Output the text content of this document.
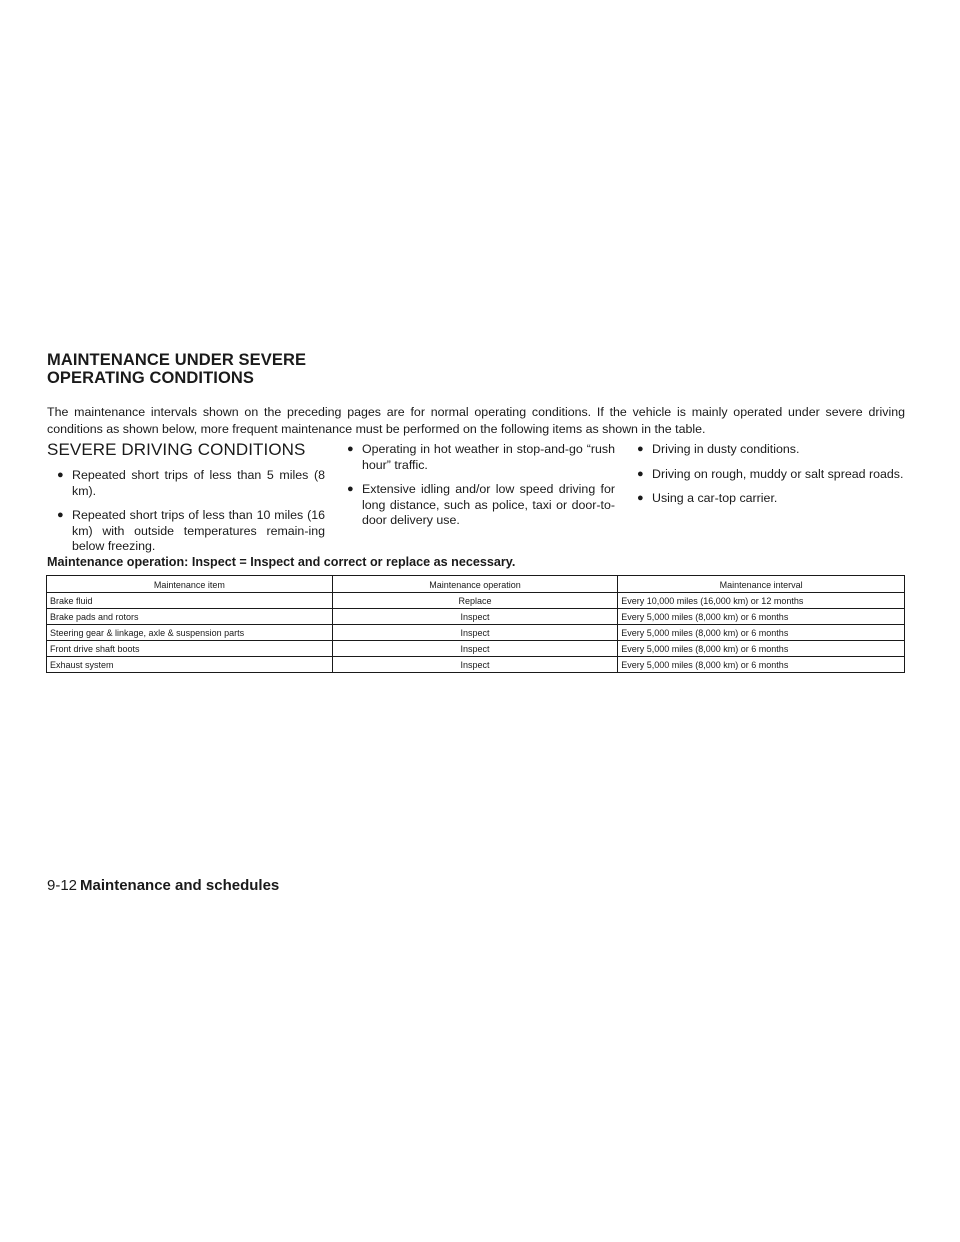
MAINTENANCE UNDER SEVERE
OPERATING CONDITIONS

The maintenance intervals shown on the preceding pages are for normal operating conditions. If the vehicle is mainly operated under severe driving conditions as shown below, more frequent maintenance must be performed on the following items as shown in the table.

SEVERE DRIVING CONDITIONS
● Repeated short trips of less than 5 miles (8 km).
● Repeated short trips of less than 10 miles (16 km) with outside temperatures remain-ing below freezing.
● Operating in hot weather in stop-and-go “rush hour” traffic.
● Extensive idling and/or low speed driving for long distance, such as police, taxi or door-to-door delivery use.
● Driving in dusty conditions.
● Driving on rough, muddy or salt spread roads.
● Using a car-top carrier.

Maintenance operation: Inspect = Inspect and correct or replace as necessary.

Maintenance item	Maintenance operation	Maintenance interval
Brake fluid	Replace	Every 10,000 miles (16,000 km) or 12 months
Brake pads and rotors	Inspect	Every 5,000 miles (8,000 km) or 6 months
Steering gear & linkage, axle & suspension parts	Inspect	Every 5,000 miles (8,000 km) or 6 months
Front drive shaft boots	Inspect	Every 5,000 miles (8,000 km) or 6 months
Exhaust system	Inspect	Every 5,000 miles (8,000 km) or 6 months

9-12 Maintenance and schedules
